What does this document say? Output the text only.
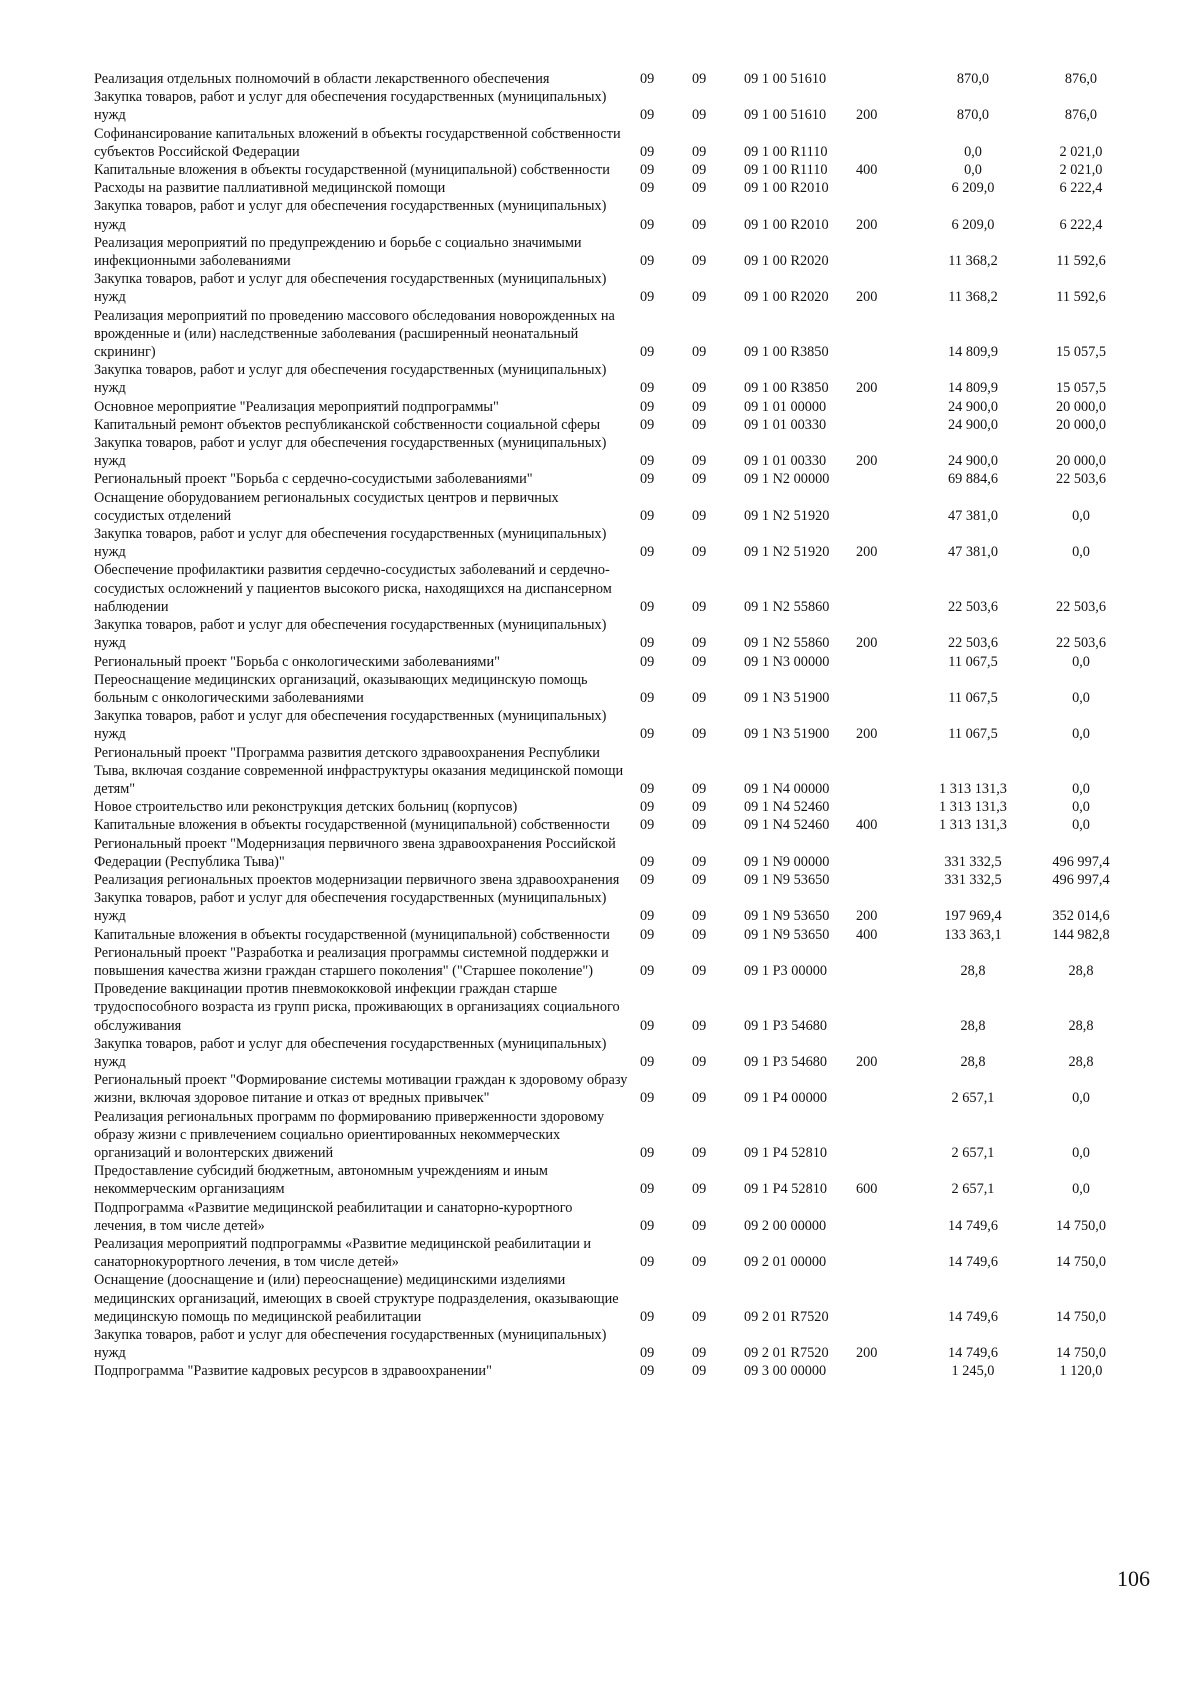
Реализация отдельных полномочий в области лекарственного обеспечения	09	09	09 1 00 51610	870,0	876,0
Закупка товаров, работ и услуг для обеспечения государственных (муниципальных) нужд	09	09	09 1 00 51610	200	870,0	876,0
Софинансирование капитальных вложений в объекты государственной собственности субъектов Российской Федерации	09	09	09 1 00 R1110	0,0	2 021,0
Капитальные вложения в объекты государственной (муниципальной) собственности	09	09	09 1 00 R1110	400	0,0	2 021,0
Расходы на развитие паллиативной медицинской помощи	09	09	09 1 00 R2010	6 209,0	6 222,4
Закупка товаров, работ и услуг для обеспечения государственных (муниципальных) нужд	09	09	09 1 00 R2010	200	6 209,0	6 222,4
Реализация мероприятий по предупреждению и борьбе с социально значимыми инфекционными заболеваниями	09	09	09 1 00 R2020	11 368,2	11 592,6
Закупка товаров, работ и услуг для обеспечения государственных (муниципальных) нужд	09	09	09 1 00 R2020	200	11 368,2	11 592,6
Реализация мероприятий по проведению массового обследования новорожденных на врожденные и (или) наследственные заболевания (расширенный неонатальный скрининг)	09	09	09 1 00 R3850	14 809,9	15 057,5
Закупка товаров, работ и услуг для обеспечения государственных (муниципальных) нужд	09	09	09 1 00 R3850	200	14 809,9	15 057,5
Основное мероприятие "Реализация мероприятий подпрограммы"	09	09	09 1 01 00000	24 900,0	20 000,0
Капитальный ремонт объектов республиканской собственности социальной сферы	09	09	09 1 01 00330	24 900,0	20 000,0
Закупка товаров, работ и услуг для обеспечения государственных (муниципальных) нужд	09	09	09 1 01 00330	200	24 900,0	20 000,0
Региональный проект "Борьба с сердечно-сосудистыми заболеваниями"	09	09	09 1 N2 00000	69 884,6	22 503,6
Оснащение оборудованием региональных сосудистых центров и первичных сосудистых отделений	09	09	09 1 N2 51920	47 381,0	0,0
Закупка товаров, работ и услуг для обеспечения государственных (муниципальных) нужд	09	09	09 1 N2 51920	200	47 381,0	0,0
Обеспечение профилактики развития сердечно-сосудистых заболеваний и сердечно-сосудистых осложнений у пациентов высокого риска, находящихся на диспансерном наблюдении	09	09	09 1 N2 55860	22 503,6	22 503,6
Закупка товаров, работ и услуг для обеспечения государственных (муниципальных) нужд	09	09	09 1 N2 55860	200	22 503,6	22 503,6
Региональный проект "Борьба с онкологическими заболеваниями"	09	09	09 1 N3 00000	11 067,5	0,0
Переоснащение медицинских организаций, оказывающих медицинскую помощь больным с онкологическими заболеваниями	09	09	09 1 N3 51900	11 067,5	0,0
Закупка товаров, работ и услуг для обеспечения государственных (муниципальных) нужд	09	09	09 1 N3 51900	200	11 067,5	0,0
Региональный проект "Программа развития детского здравоохранения Республики Тыва, включая создание современной инфраструктуры оказания медицинской помощи детям"	09	09	09 1 N4 00000	1 313 131,3	0,0
Новое строительство или реконструкция детских больниц (корпусов)	09	09	09 1 N4 52460	1 313 131,3	0,0
Капитальные вложения в объекты государственной (муниципальной) собственности	09	09	09 1 N4 52460	400	1 313 131,3	0,0
Региональный проект "Модернизация первичного звена здравоохранения Российской Федерации (Республика Тыва)"	09	09	09 1 N9 00000	331 332,5	496 997,4
Реализация региональных проектов модернизации первичного звена здравоохранения	09	09	09 1 N9 53650	331 332,5	496 997,4
Закупка товаров, работ и услуг для обеспечения государственных (муниципальных) нужд	09	09	09 1 N9 53650	200	197 969,4	352 014,6
Капитальные вложения в объекты государственной (муниципальной) собственности	09	09	09 1 N9 53650	400	133 363,1	144 982,8
Региональный проект "Разработка и реализация программы системной поддержки и повышения качества жизни граждан старшего поколения" ("Старшее поколение")	09	09	09 1 P3 00000	28,8	28,8
Проведение вакцинации против пневмококковой инфекции граждан старше трудоспособного возраста из групп риска, проживающих в организациях социального обслуживания	09	09	09 1 P3 54680	28,8	28,8
Закупка товаров, работ и услуг для обеспечения государственных (муниципальных) нужд	09	09	09 1 P3 54680	200	28,8	28,8
Региональный проект "Формирование системы мотивации граждан к здоровому образу жизни, включая здоровое питание и отказ от вредных привычек"	09	09	09 1 P4 00000	2 657,1	0,0
Реализация региональных программ по формированию приверженности здоровому образу жизни с привлечением социально ориентированных некоммерческих организаций и волонтерских движений	09	09	09 1 P4 52810	2 657,1	0,0
Предоставление субсидий бюджетным, автономным учреждениям и иным некоммерческим организациям	09	09	09 1 P4 52810	600	2 657,1	0,0
Подпрограмма «Развитие медицинской реабилитации и санаторно-курортного лечения, в том числе детей»	09	09	09 2 00 00000	14 749,6	14 750,0
Реализация мероприятий подпрограммы «Развитие медицинской реабилитации и санаторнокурортного лечения, в том числе детей»	09	09	09 2 01 00000	14 749,6	14 750,0
Оснащение (дооснащение и (или) переоснащение) медицинскими изделиями медицинских организаций, имеющих в своей структуре подразделения, оказывающие медицинскую помощь по медицинской реабилитации	09	09	09 2 01 R7520	14 749,6	14 750,0
Закупка товаров, работ и услуг для обеспечения государственных (муниципальных) нужд	09	09	09 2 01 R7520	200	14 749,6	14 750,0
Подпрограмма "Развитие кадровых ресурсов в здравоохранении"	09	09	09 3 00 00000	1 245,0	1 120,0
106
